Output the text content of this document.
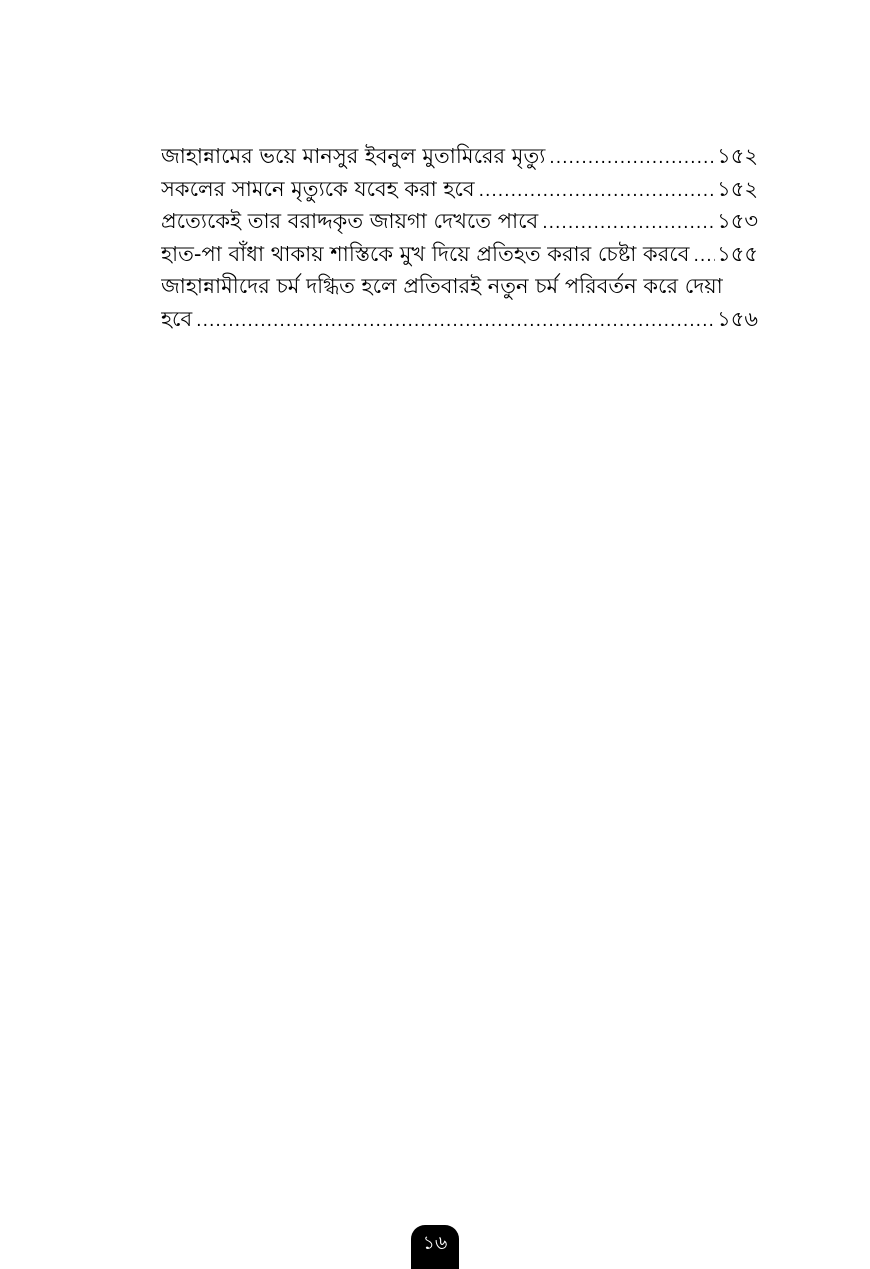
জাহান্নামের ভয়ে মানসুর ইবনুল মুতামিরের মৃত্যু .....	১৫২
সকলের সামনে মৃত্যুকে যবেহ করা হবে .....	১৫২
প্রত্যেকেই তার বরাদ্দকৃত জায়গা দেখতে পাবে .....	১৫৩
হাত-পা বাঁধা থাকায় শাস্তিকে মুখ দিয়ে প্রতিহত করার চেষ্টা করবে ..... ১৫৫
জাহান্নামীদের চর্ম দগ্ধিত হলে প্রতিবারই নতুন চর্ম পরিবর্তন করে দেয়া
হবে .....	১৫৬
১৬
